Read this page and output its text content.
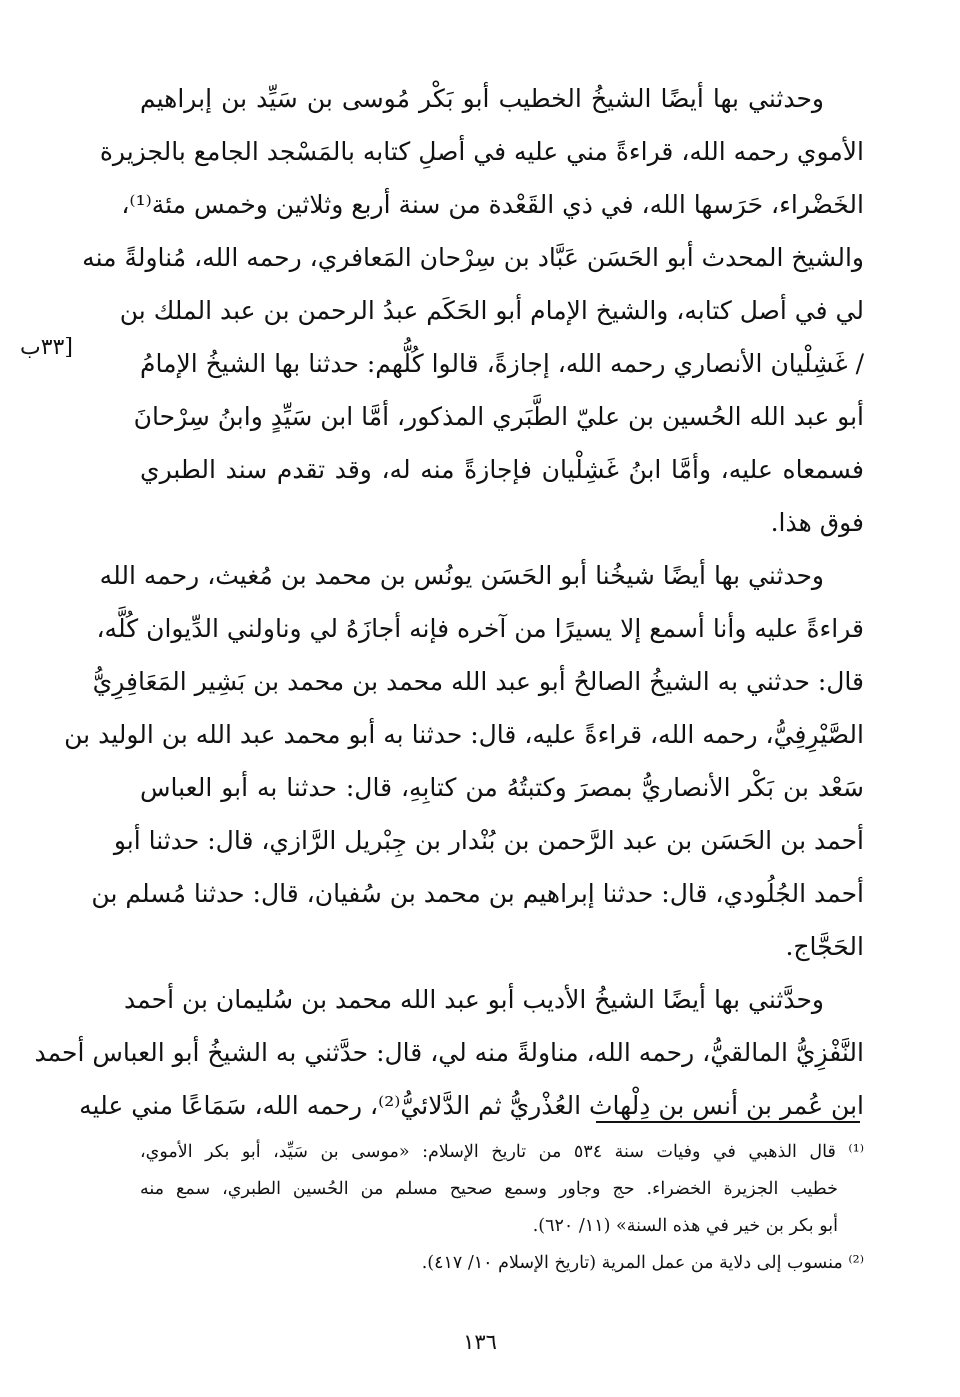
وحدثني بها أيضًا الشيخُ الخطيب أبو بَكْر مُوسى بن سَيِّد بن إبراهيم
الأموي رحمه الله، قراءةً مني عليه في أصلِ كتابه بالمَسْجد الجامع بالجزيرة
الخَضْراء، حَرَسها الله، في ذي القَعْدة من سنة أربع وثلاثين وخمس مئة⁽¹⁾،
والشيخ المحدث أبو الحَسَن عَبَّاد بن سِرْحان المَعافري، رحمه الله، مُناولةً منه
لي في أصل كتابه، والشيخ الإمام أبو الحَكَم عبدُ الرحمن بن عبد الملك بن
/ غَشِلْيان الأنصاري رحمه الله، إجازةً، قالوا كُلُّهم: حدثنا بها الشيخُ الإمامُ
أبو عبد الله الحُسين بن عليّ الطَّبَري المذكور، أمَّا ابن سَيِّدٍ وابنُ سِرْحانَ
فسمعاه عليه، وأمَّا ابنُ غَشِلْيان فإجازةً منه له، وقد تقدم سند الطبري
فوق هذا.
وحدثني بها أيضًا شيخُنا أبو الحَسَن يونُس بن محمد بن مُغيث، رحمه الله
قراءةً عليه وأنا أسمع إلا يسيرًا من آخره فإنه أجازَهُ لي وناولني الدِّيوان كُلَّه،
قال: حدثني به الشيخُ الصالحُ أبو عبد الله محمد بن محمد بن بَشِير المَعَافِرِيُّ
الصَّيْرِفِيُّ، رحمه الله، قراءةً عليه، قال: حدثنا به أبو محمد عبد الله بن الوليد بن
سَعْد بن بَكْر الأنصاريُّ بمصرَ وكتبتُهُ من كتابِهِ، قال: حدثنا به أبو العباس
أحمد بن الحَسَن بن عبد الرَّحمن بن بُنْدار بن جِبْريل الرَّازي، قال: حدثنا أبو
أحمد الجُلُودي، قال: حدثنا إبراهيم بن محمد بن سُفيان، قال: حدثنا مُسلم بن
الحَجَّاج.
وحدَّثني بها أيضًا الشيخُ الأديب أبو عبد الله محمد بن سُليمان بن أحمد
النَّفْزِيُّ المالقيُّ، رحمه الله، مناولةً منه لي، قال: حدَّثني به الشيخُ أبو العباس أحمد
ابن عُمر بن أنس بن دِلْهاث العُذْريُّ ثم الدَّلائيُّ⁽²⁾، رحمه الله، سَمَاعًا مني عليه
[٣٣ب
⁽¹⁾ قال الذهبي في وفيات سنة ٥٣٤ من تاريخ الإسلام: «موسى بن سَيِّد، أبو بكر الأموي،
خطيب الجزيرة الخضراء. حج وجاور وسمع صحيح مسلم من الحُسين الطبري، سمع منه
أبو بكر بن خير في هذه السنة» (١١/ ٦٢٠).
⁽²⁾ منسوب إلى دلاية من عمل المرية (تاريخ الإسلام ١٠/ ٤١٧).
١٣٦
